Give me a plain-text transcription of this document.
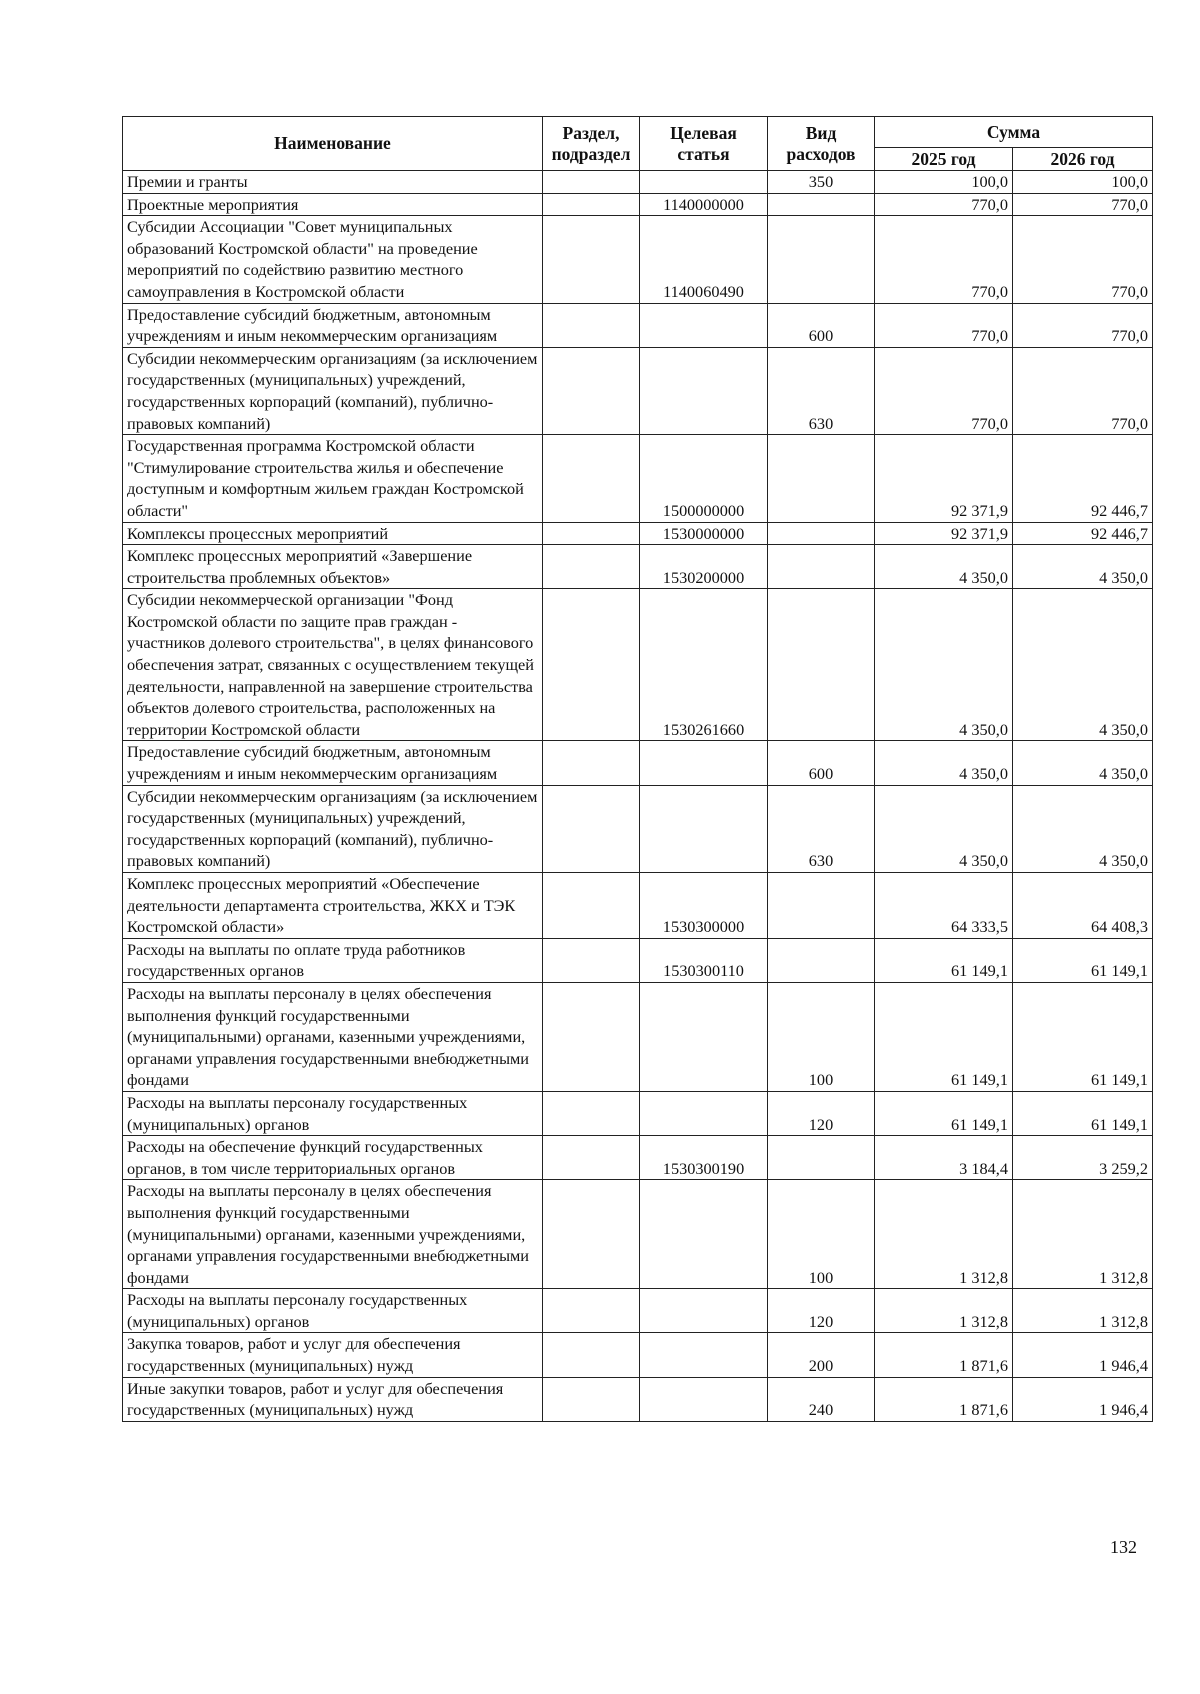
Наименование	Раздел, подраздел	Целевая статья	Вид расходов	Сумма	
				2025 год	2026 год
Премии и гранты			350	100,0	100,0
Проектные мероприятия		1140000000		770,0	770,0
Субсидии Ассоциации "Совет муниципальных образований Костромской области" на проведение мероприятий по содействию развитию местного самоуправления в Костромской области		1140060490		770,0	770,0
Предоставление субсидий бюджетным, автономным учреждениям и иным некоммерческим организациям			600	770,0	770,0
Субсидии некоммерческим организациям (за исключением государственных (муниципальных) учреждений, государственных корпораций (компаний), публично-правовых компаний)			630	770,0	770,0
Государственная программа Костромской области "Стимулирование строительства жилья и обеспечение доступным и комфортным жильем граждан Костромской области"		1500000000		92 371,9	92 446,7
Комплексы процессных мероприятий		1530000000		92 371,9	92 446,7
Комплекс процессных мероприятий «Завершение строительства проблемных объектов»		1530200000		4 350,0	4 350,0
Субсидии некоммерческой организации "Фонд Костромской области по защите прав граждан - участников долевого строительства", в целях финансового обеспечения затрат, связанных с осуществлением текущей деятельности, направленной на завершение строительства объектов долевого строительства, расположенных на территории Костромской области		1530261660		4 350,0	4 350,0
Предоставление субсидий бюджетным, автономным учреждениям и иным некоммерческим организациям			600	4 350,0	4 350,0
Субсидии некоммерческим организациям (за исключением государственных (муниципальных) учреждений, государственных корпораций (компаний), публично-правовых компаний)			630	4 350,0	4 350,0
Комплекс процессных мероприятий «Обеспечение деятельности департамента строительства, ЖКХ и ТЭК Костромской области»		1530300000		64 333,5	64 408,3
Расходы на выплаты по оплате труда работников государственных органов		1530300110		61 149,1	61 149,1
Расходы на выплаты персоналу в целях обеспечения выполнения функций государственными (муниципальными) органами, казенными учреждениями, органами управления государственными внебюджетными фондами			100	61 149,1	61 149,1
Расходы на выплаты персоналу государственных (муниципальных) органов			120	61 149,1	61 149,1
Расходы на обеспечение функций государственных органов, в том числе территориальных органов		1530300190		3 184,4	3 259,2
Расходы на выплаты персоналу в целях обеспечения выполнения функций государственными (муниципальными) органами, казенными учреждениями, органами управления государственными внебюджетными фондами			100	1 312,8	1 312,8
Расходы на выплаты персоналу государственных (муниципальных) органов			120	1 312,8	1 312,8
Закупка товаров, работ и услуг для обеспечения государственных (муниципальных) нужд			200	1 871,6	1 946,4
Иные закупки товаров, работ и услуг для обеспечения государственных (муниципальных) нужд			240	1 871,6	1 946,4
132
